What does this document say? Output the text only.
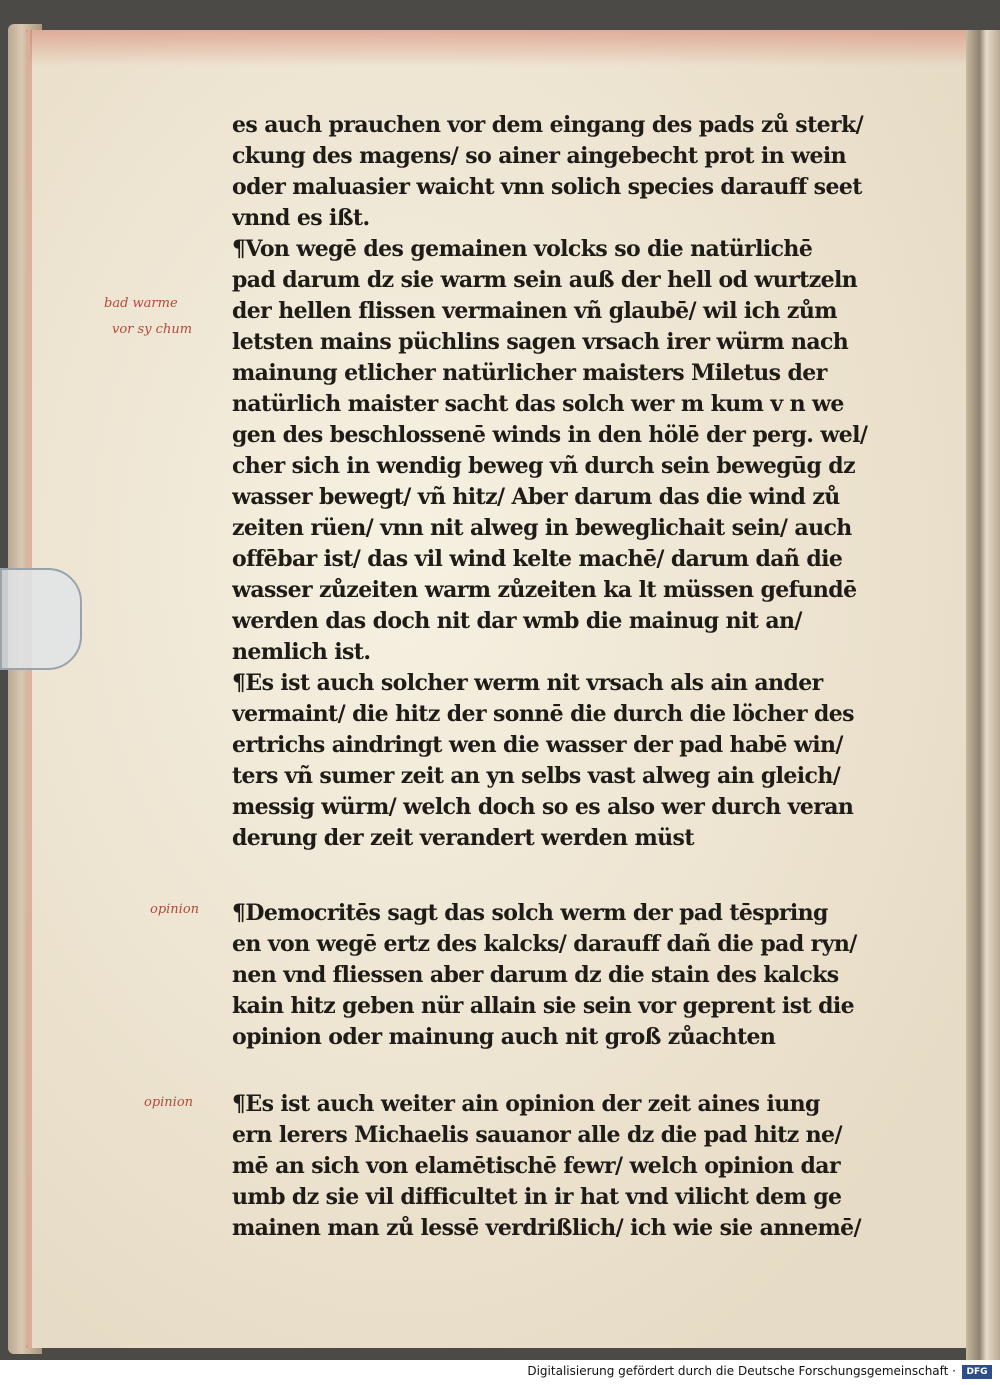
bad warme
vor sy chum
opinion
opinion
es auch prauchen vor dem eingang des pads zů sterk/
ckung des magens/ so ainer aingebecht prot in wein
oder maluasier waicht vnn solich species darauff seet
vnnd es ißt.
¶Von wegē des gemainen volcks so die natürlichē
pad darum dz sie warm sein auß der hell od wurtzeln
der hellen flissen vermainen vñ glaubē/ wil ich zům
letsten mains püchlins sagen vrsach irer würm nach
mainung etlicher natürlicher maisters Miletus der
natürlich maister sacht das solch wer m kum v n we
gen des beschlossenē winds in den hölē der perg. wel/
cher sich in wendig beweg vñ durch sein bewegūg dz
wasser bewegt/ vñ hitz/ Aber darum das die wind zů
zeiten rüen/ vnn nit alweg in beweglichait sein/ auch
offēbar ist/ das vil wind kelte machē/ darum dañ die
wasser zůzeiten warm zůzeiten ka lt müssen gefundē
werden das doch nit dar wmb die mainug nit an/
nemlich ist.
¶Es ist auch solcher werm nit vrsach als ain ander
vermaint/ die hitz der sonnē die durch die löcher des
ertrichs aindringt wen die wasser der pad habē win/
ters vñ sumer zeit an yn selbs vast alweg ain gleich/
messig würm/ welch doch so es also wer durch veran
derung der zeit verandert werden müst
¶Democritēs sagt das solch werm der pad tēspring
en von wegē ertz des kalcks/ darauff dañ die pad ryn/
nen vnd fliessen aber darum dz die stain des kalcks
kain hitz geben nür allain sie sein vor geprent ist die
opinion oder mainung auch nit groß zůachten
¶Es ist auch weiter ain opinion der zeit aines iung
ern lerers Michaelis sauanor alle dz die pad hitz ne/
mē an sich von elamētischē fewr/ welch opinion dar
umb dz sie vil difficultet in ir hat vnd vilicht dem ge
mainen man zů lessē verdrißlich/ ich wie sie annemē/
Digitalisierung gefördert durch die Deutsche Forschungsgemeinschaft ·	DFG
